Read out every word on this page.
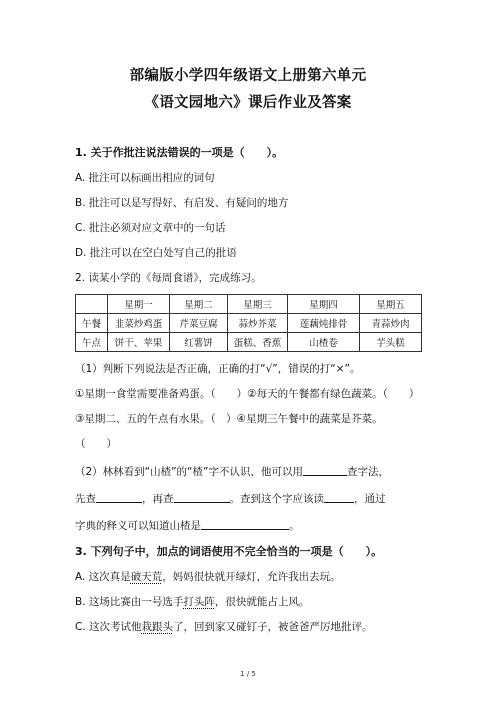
部编版小学四年级语文上册第六单元
《语文园地六》课后作业及答案
1. 关于作批注说法错误的一项是（　　）。
A. 批注可以标画出相应的词句
B. 批注可以是写得好、有启发、有疑问的地方
C. 批注必须对应文章中的一句话
D. 批注可以在空白处写自己的批语
2. 读某小学的《每周食谱》，完成练习。
	星期一	星期二	星期三	星期四	星期五
午餐	韭菜炒鸡蛋	芹菜豆腐	蒜炒芥菜	莲藕炖排骨	青蒜炒肉
午点	饼干、苹果	红薯饼	蛋糕、香蕉	山楂卷	芋头糕
（1）判断下列说法是否正确，正确的打“√”，错误的打“×”。
①星期一食堂需要准备鸡蛋。（　　）②每天的午餐都有绿色蔬菜。（　　）
③星期二、五的午点有水果。（　）④星期三午餐中的蔬菜是芥菜。
（　　）
（2）林林看到“山楂”的“楂”字不认识，他可以用	查字法，
先查	，再查	。查到这个字应该读	，通过
字典的释义可以知道山楂是	。
3. 下列句子中，加点的词语使用不完全恰当的一项是（　　）。
A. 这次真是破天荒，妈妈很快就开绿灯，允许我出去玩。
B. 这场比赛由一号选手打头阵，很快就能占上风。
C. 这次考试他栽跟头了，回到家又碰钉子，被爸爸严厉地批评。
1 / 5
